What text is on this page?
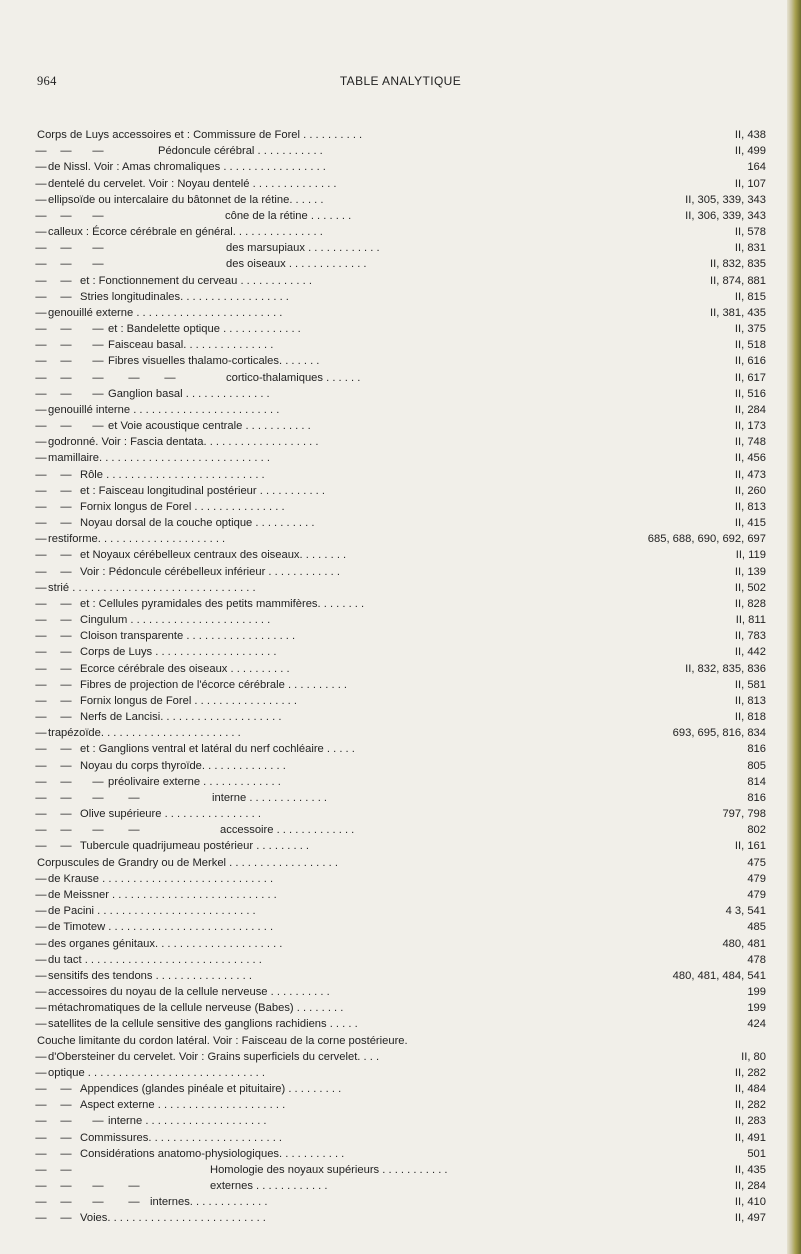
964	TABLE ANALYTIQUE
Corps de Luys accessoires et : Commissure de Forel . . . . . . . . . .	II, 438
— — —	Pédoncule cérébral . . . . . . . . . . .	II, 499
— de Nissl. Voir : Amas chromaliques . . . . . . . . . . . . . . . . .	164
— dentelé du cervelet. Voir : Noyau dentelé . . . . . . . . . . . . . .	II, 107
— ellipsoïde ou intercalaire du bâtonnet de la rétine. . . . . .	II, 305, 339, 343
— — —	cône de la rétine . . . . . . .	II, 306, 339, 343
— calleux : Écorce cérébrale en général. . . . . . . . . . . . . . .	II, 578
— — —	des marsupiaux . . . . . . . . . . . .	II, 831
— — —	des oiseaux . . . . . . . . . . . . .	II, 832, 835
— — et : Fonctionnement du cerveau . . . . . . . . . . . .	II, 874, 881
— — Stries longitudinales. . . . . . . . . . . . . . . . . .	II, 815
— genouillé externe . . . . . . . . . . . . . . . . . . . . . . . .	II, 381, 435
— — — et : Bandelette optique . . . . . . . . . . . . .	II, 375
— — — Faisceau basal. . . . . . . . . . . . . . .	II, 518
— — — Fibres visuelles thalamo-corticales. . . . . . .	II, 616
— — — — —	cortico-thalamiques . . . . . .	II, 617
— — — Ganglion basal . . . . . . . . . . . . . .	II, 516
— genouillé interne . . . . . . . . . . . . . . . . . . . . . . . .	II, 284
— — — et Voie acoustique centrale . . . . . . . . . . .	II, 173
— godronné. Voir : Fascia dentata. . . . . . . . . . . . . . . . . . .	II, 748
— mamillaire. . . . . . . . . . . . . . . . . . . . . . . . . . . .	II, 456
— — Rôle . . . . . . . . . . . . . . . . . . . . . . . . . .	II, 473
— — et : Faisceau longitudinal postérieur . . . . . . . . . . .	II, 260
— — Fornix longus de Forel . . . . . . . . . . . . . . .	II, 813
— — Noyau dorsal de la couche optique . . . . . . . . . .	II, 415
— restiforme. . . . . . . . . . . . . . . . . . . . .	685, 688, 690, 692, 697
— — et Noyaux cérébelleux centraux des oiseaux. . . . . . . .	II, 119
— — Voir : Pédoncule cérébelleux inférieur . . . . . . . . . . . .	II, 139
— strié . . . . . . . . . . . . . . . . . . . . . . . . . . . . . .	II, 502
— — et : Cellules pyramidales des petits mammifères. . . . . . . .	II, 828
— — Cingulum . . . . . . . . . . . . . . . . . . . . . . .	II, 811
— — Cloison transparente . . . . . . . . . . . . . . . . . .	II, 783
— — Corps de Luys . . . . . . . . . . . . . . . . . . . .	II, 442
— — Ecorce cérébrale des oiseaux . . . . . . . . . .	II, 832, 835, 836
— — Fibres de projection de l'écorce cérébrale . . . . . . . . . .	II, 581
— — Fornix longus de Forel . . . . . . . . . . . . . . . . .	II, 813
— — Nerfs de Lancisi. . . . . . . . . . . . . . . . . . . .	II, 818
— trapézoïde. . . . . . . . . . . . . . . . . . . . . . .	693, 695, 816, 834
— — et : Ganglions ventral et latéral du nerf cochléaire . . . . .	816
— — Noyau du corps thyroïde. . . . . . . . . . . . . .	805
— — — préolivaire externe . . . . . . . . . . . . .	814
— — — —	interne . . . . . . . . . . . . .	816
— — Olive supérieure . . . . . . . . . . . . . . . .	797, 798
— — — —	accessoire . . . . . . . . . . . . .	802
— — Tubercule quadrijumeau postérieur . . . . . . . . .	II, 161
Corpuscules de Grandry ou de Merkel . . . . . . . . . . . . . . . . . .	475
— de Krause . . . . . . . . . . . . . . . . . . . . . . . . . . . .	479
— de Meissner . . . . . . . . . . . . . . . . . . . . . . . . . . .	479
— de Pacini . . . . . . . . . . . . . . . . . . . . . . . . . .	4 3, 541
— de Timotew . . . . . . . . . . . . . . . . . . . . . . . . . . .	485
— des organes génitaux. . . . . . . . . . . . . . . . . . . . .	480, 481
— du tact . . . . . . . . . . . . . . . . . . . . . . . . . . . . .	478
— sensitifs des tendons . . . . . . . . . . . . . . . .	480, 481, 484, 541
— accessoires du noyau de la cellule nerveuse . . . . . . . . . .	199
— métachromatiques de la cellule nerveuse (Babes) . . . . . . . .	199
— satellites de la cellule sensitive des ganglions rachidiens . . . . .	424
Couche limitante du cordon latéral. Voir : Faisceau de la corne postérieure.
— d'Obersteiner du cervelet. Voir : Grains superficiels du cervelet. . . .	II, 80
— optique . . . . . . . . . . . . . . . . . . . . . . . . . . . . .	II, 282
— — Appendices (glandes pinéale et pituitaire) . . . . . . . . .	II, 484
— — Aspect externe . . . . . . . . . . . . . . . . . . . . .	II, 282
— — — interne . . . . . . . . . . . . . . . . . . . .	II, 283
— — Commissures. . . . . . . . . . . . . . . . . . . . . .	II, 491
— — Considérations anatomo-physiologiques. . . . . . . . . . .	501
— —	Homologie des noyaux supérieurs . . . . . . . . . . .	II, 435
— — — —	externes . . . . . . . . . . . .	II, 284
— — — — internes. . . . . . . . . . . . .	II, 410
— — Voies. . . . . . . . . . . . . . . . . . . . . . . . . .	II, 497
